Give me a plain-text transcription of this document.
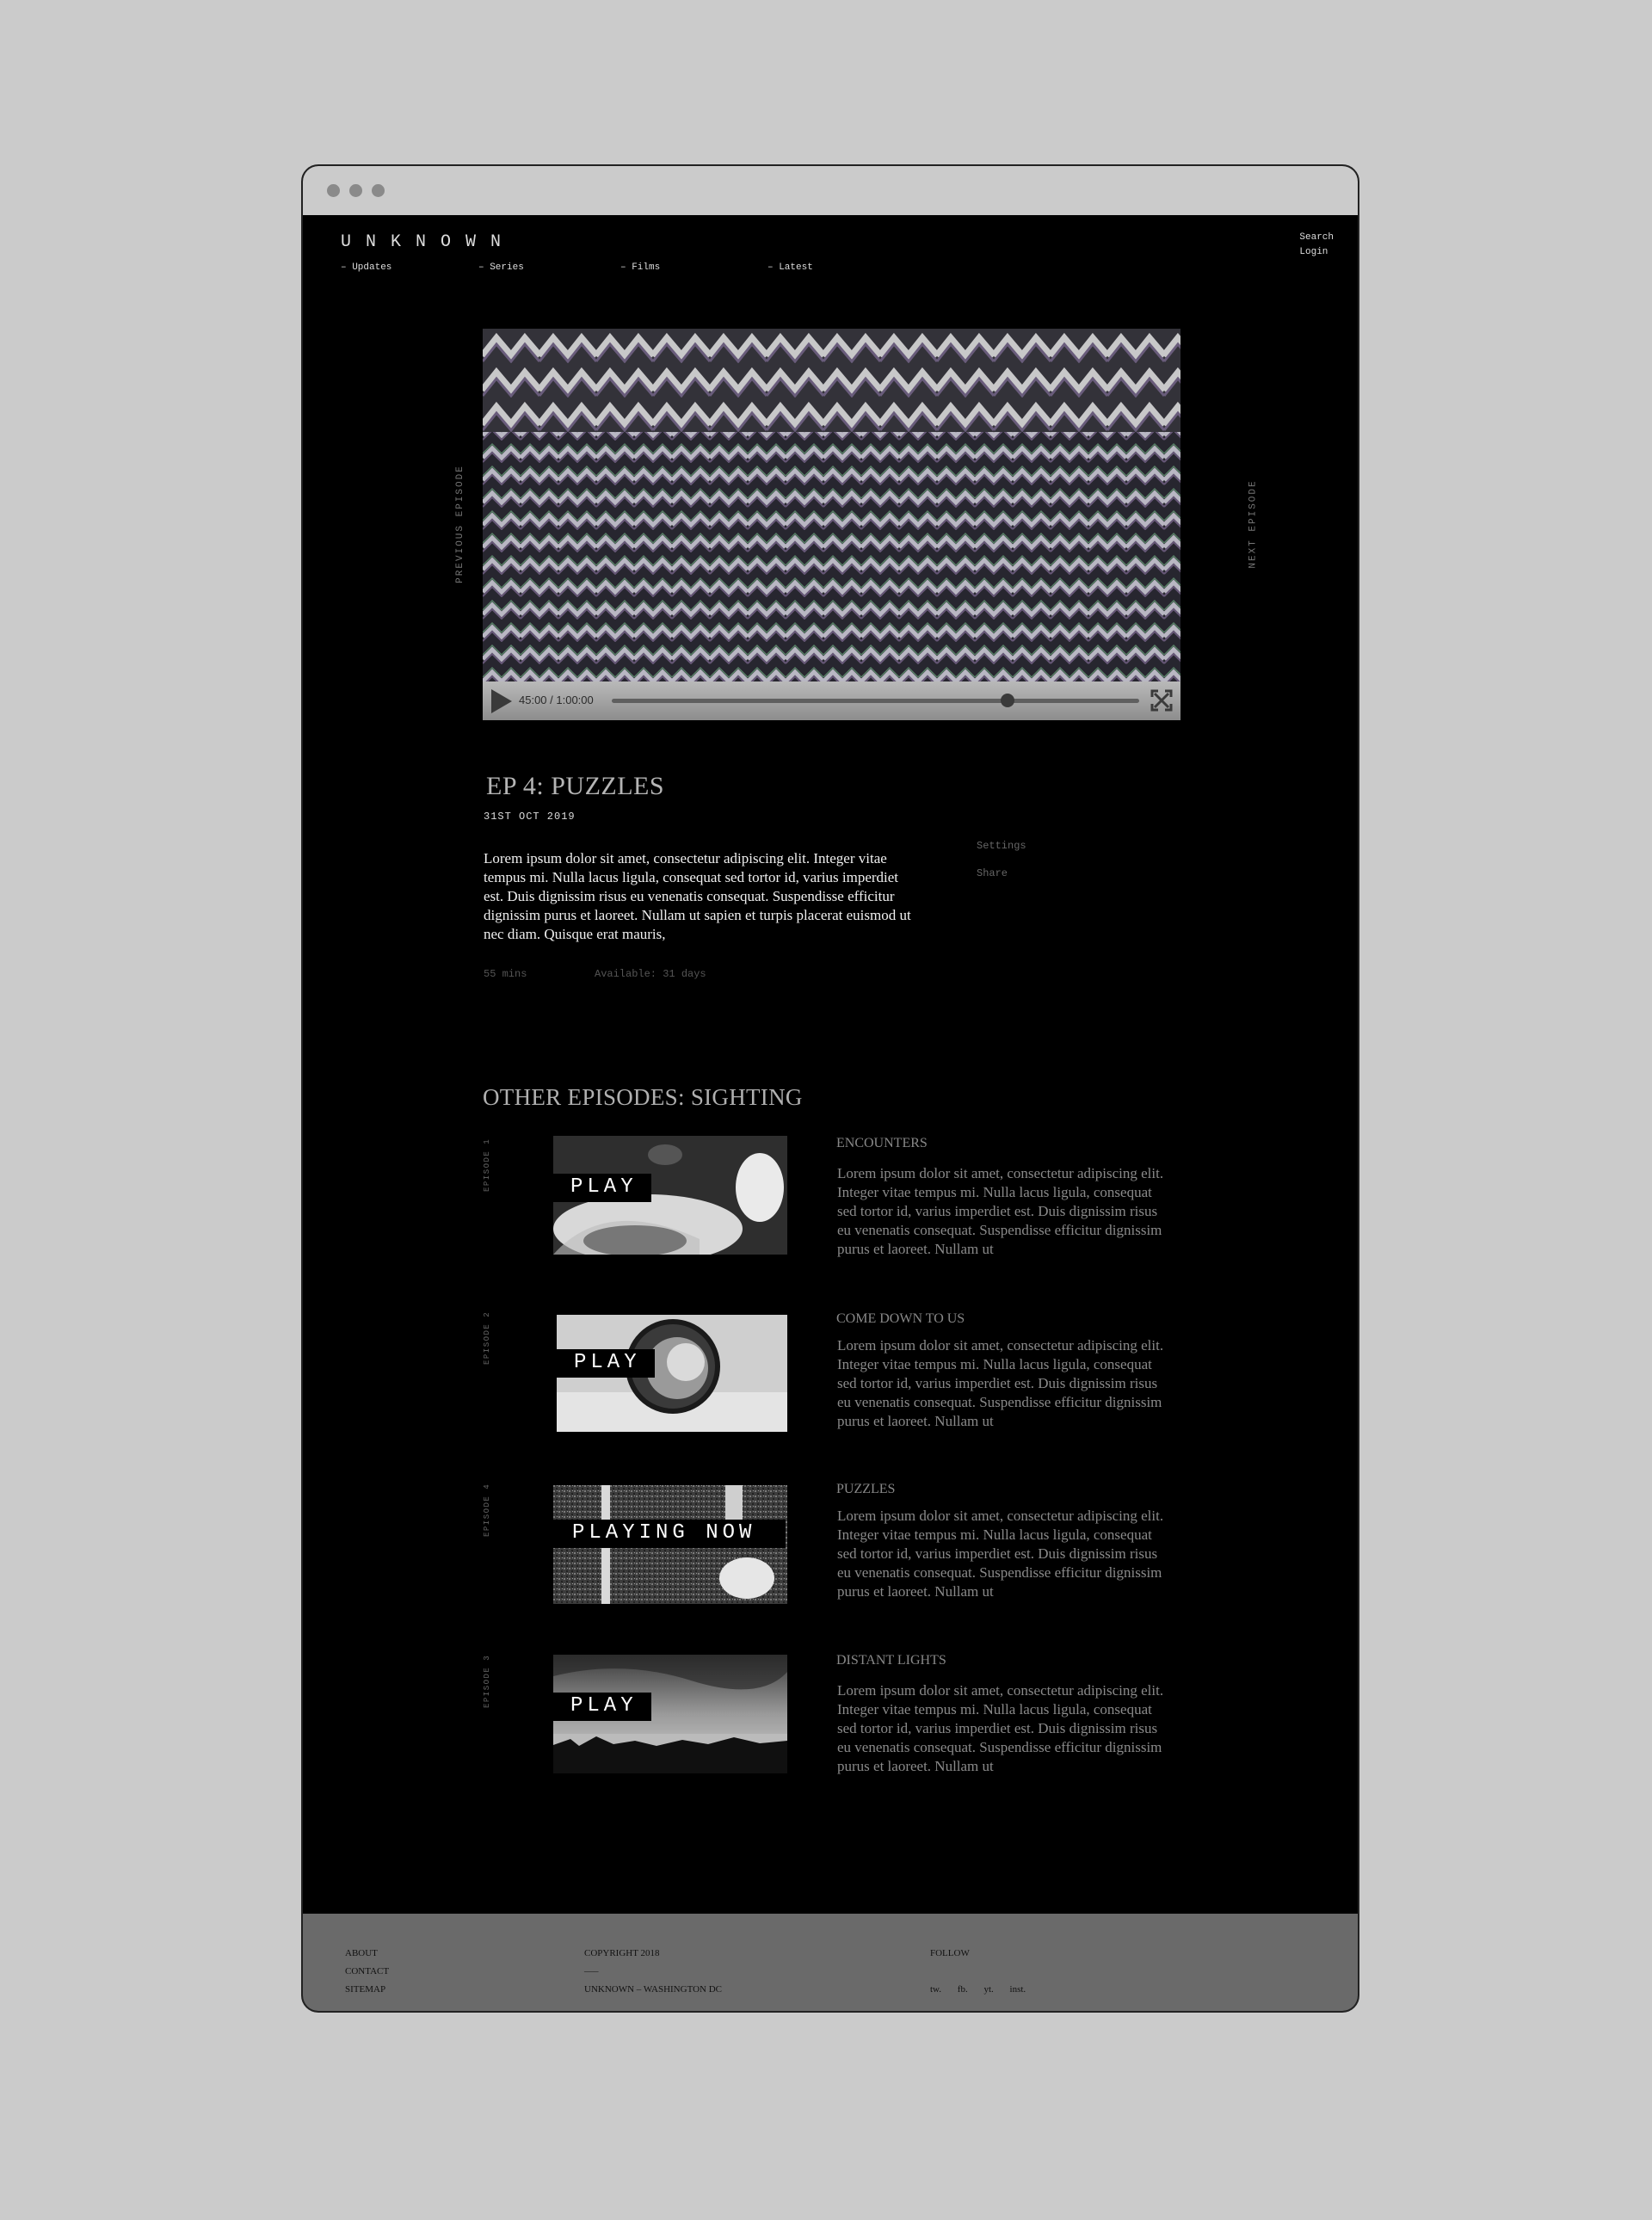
UNKNOWN
– Updates	– Series	– Films	– Latest
Search
Login
45:00 / 1:00:00
PREVIOUS EPISODE	NEXT EPISODE
EP 4: PUZZLES
31ST OCT 2019
Lorem ipsum dolor sit amet, consectetur adipiscing elit. Integer vitae tempus mi. Nulla lacus ligula, consequat sed tortor id, varius imperdiet est. Duis dignissim risus eu venenatis consequat. Suspendisse efficitur dignissim purus et laoreet. Nullam ut sapien et turpis placerat euismod ut nec diam. Quisque erat mauris,
55 mins	Available: 31 days
Settings
Share
OTHER EPISODES: SIGHTING
EPISODE 1	PLAY
ENCOUNTERS
Lorem ipsum dolor sit amet, consectetur adipiscing elit. Integer vitae tempus mi. Nulla lacus ligula, consequat sed tortor id, varius imperdiet est. Duis dignissim risus eu venenatis consequat. Suspendisse efficitur dignissim purus et laoreet. Nullam ut
EPISODE 2	PLAY
COME DOWN TO US
Lorem ipsum dolor sit amet, consectetur adipiscing elit. Integer vitae tempus mi. Nulla lacus ligula, consequat sed tortor id, varius imperdiet est. Duis dignissim risus eu venenatis consequat. Suspendisse efficitur dignissim purus et laoreet. Nullam ut
EPISODE 4	PLAYING NOW
PUZZLES
Lorem ipsum dolor sit amet, consectetur adipiscing elit. Integer vitae tempus mi. Nulla lacus ligula, consequat sed tortor id, varius imperdiet est. Duis dignissim risus eu venenatis consequat. Suspendisse efficitur dignissim purus et laoreet. Nullam ut
EPISODE 3	PLAY
DISTANT LIGHTS
Lorem ipsum dolor sit amet, consectetur adipiscing elit. Integer vitae tempus mi. Nulla lacus ligula, consequat sed tortor id, varius imperdiet est. Duis dignissim risus eu venenatis consequat. Suspendisse efficitur dignissim purus et laoreet. Nullam ut
ABOUT
CONTACT
SITEMAP
COPYRIGHT 2018
—–
UNKNOWN – WASHINGTON DC
FOLLOW

tw. fb. yt. inst.
